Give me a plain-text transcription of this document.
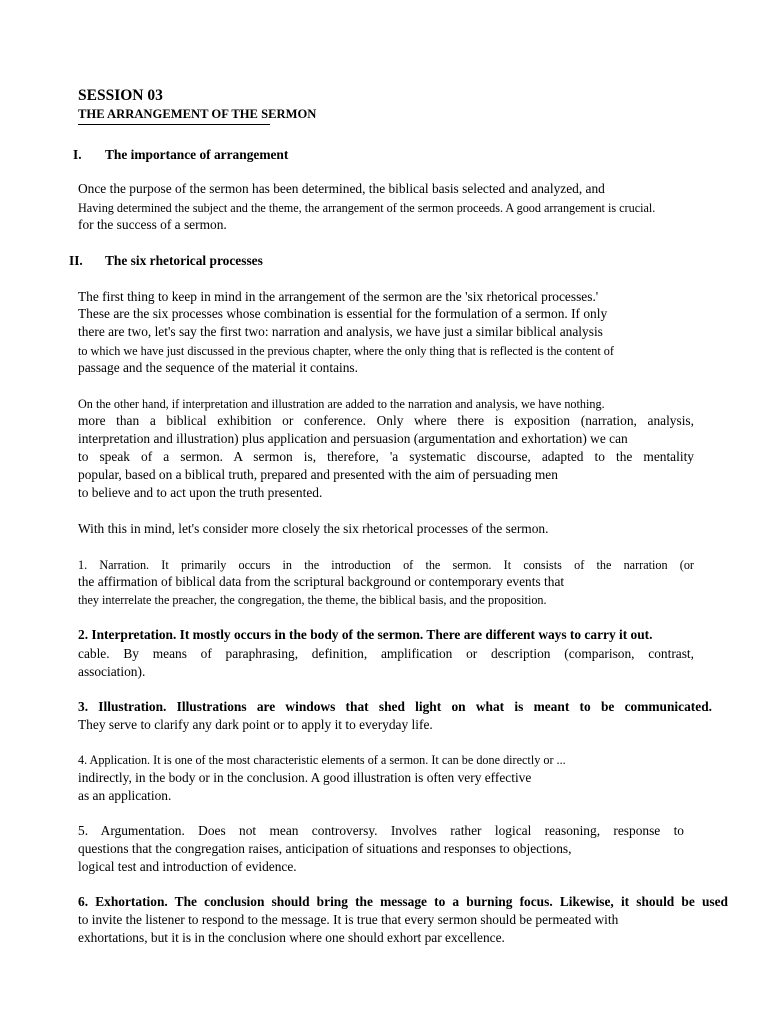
SESSION 03
THE ARRANGEMENT OF THE SERMON
I. The importance of arrangement
Once the purpose of the sermon has been determined, the biblical basis selected and analyzed, and
Having determined the subject and the theme, the arrangement of the sermon proceeds. A good arrangement is crucial.
for the success of a sermon.
II. The six rhetorical processes
The first thing to keep in mind in the arrangement of the sermon are the 'six rhetorical processes.'
These are the six processes whose combination is essential for the formulation of a sermon. If only
there are two, let's say the first two: narration and analysis, we have just a similar biblical analysis
to which we have just discussed in the previous chapter, where the only thing that is reflected is the content of
passage and the sequence of the material it contains.
On the other hand, if interpretation and illustration are added to the narration and analysis, we have nothing.
more than a biblical exhibition or conference. Only where there is exposition (narration, analysis,
interpretation and illustration) plus application and persuasion (argumentation and exhortation) we can
to speak of a sermon. A sermon is, therefore, 'a systematic discourse, adapted to the mentality
popular, based on a biblical truth, prepared and presented with the aim of persuading men
to believe and to act upon the truth presented.
With this in mind, let's consider more closely the six rhetorical processes of the sermon.
1. Narration. It primarily occurs in the introduction of the sermon. It consists of the narration (or
the affirmation of biblical data from the scriptural background or contemporary events that
they interrelate the preacher, the congregation, the theme, the biblical basis, and the proposition.
2. Interpretation. It mostly occurs in the body of the sermon. There are different ways to carry it out.
cable. By means of paraphrasing, definition, amplification or description (comparison, contrast,
association).
3. Illustration. Illustrations are windows that shed light on what is meant to be communicated.
They serve to clarify any dark point or to apply it to everyday life.
4. Application. It is one of the most characteristic elements of a sermon. It can be done directly or ...
indirectly, in the body or in the conclusion. A good illustration is often very effective
as an application.
5. Argumentation. Does not mean controversy. Involves rather logical reasoning, response to
questions that the congregation raises, anticipation of situations and responses to objections,
logical test and introduction of evidence.
6. Exhortation. The conclusion should bring the message to a burning focus. Likewise, it should be used
to invite the listener to respond to the message. It is true that every sermon should be permeated with
exhortations, but it is in the conclusion where one should exhort par excellence.
